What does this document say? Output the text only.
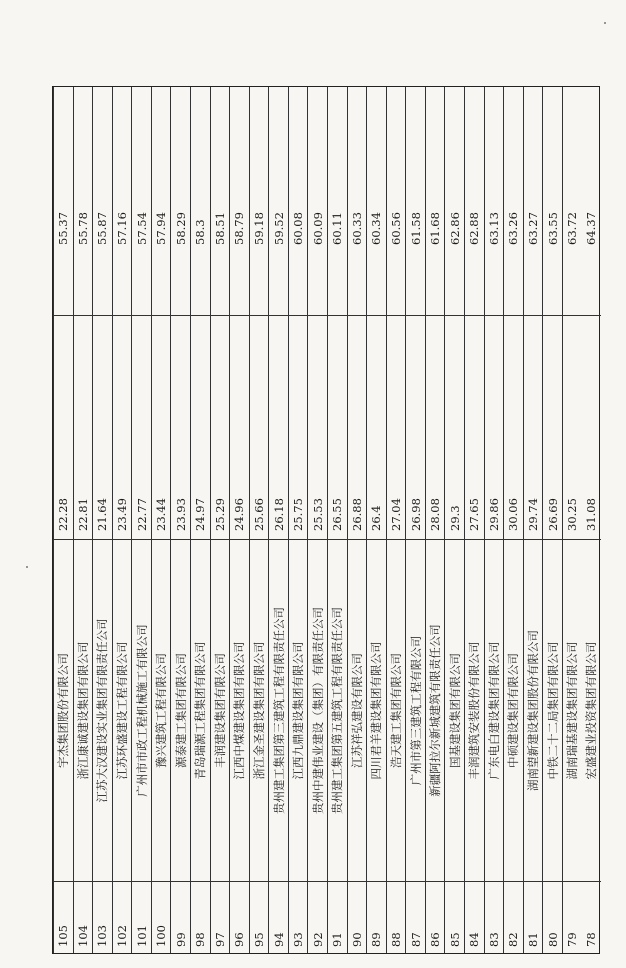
78
宏盛建业投资集团有限公司
31.08
64.37
79
湖南瑞基建设集团有限公司
30.25
63.72
80
中铁二十二局集团有限公司
26.69
63.55
81
湖南望新建设集团股份有限公司
29.74
63.27
82
中硕建设集团有限公司
30.06
63.26
83
广东电白建设集团有限公司
29.86
63.13
84
丰润建筑安装股份有限公司
27.65
62.88
85
国基建设集团有限公司
29.3
62.86
86
新疆阿拉尔新城建筑有限责任公司
28.08
61.68
87
广州市第三建筑工程有限公司
26.98
61.58
88
浩天建工集团有限公司
27.04
60.56
89
四川君羊建设集团有限公司
26.4
60.34
90
江苏祥弘建设有限公司
26.88
60.33
91
贵州建工集团第五建筑工程有限责任公司
26.55
60.11
92
贵州中建伟业建设（集团）有限责任公司
25.53
60.09
93
江西九鼎建设集团有限公司
25.75
60.08
94
贵州建工集团第三建筑工程有限责任公司
26.18
59.52
95
浙江金圣建设集团有限公司
25.66
59.18
96
江西中煤建设集团有限公司
24.96
58.79
97
丰润建设集团有限公司
25.29
58.51
98
青岛瑞源工程集团有限公司
24.97
58.3
99
源泰建工集团有限公司
23.93
58.29
100
豫兴建筑工程有限公司
23.44
57.94
101
广州市市政工程机械施工有限公司
22.77
57.54
102
江苏环盛建设工程有限公司
23.49
57.16
103
江苏大汉建设实业集团有限责任公司
21.64
55.87
104
浙江康诚建设集团有限公司
22.81
55.78
105
宇杰集团股份有限公司
22.28
55.37
